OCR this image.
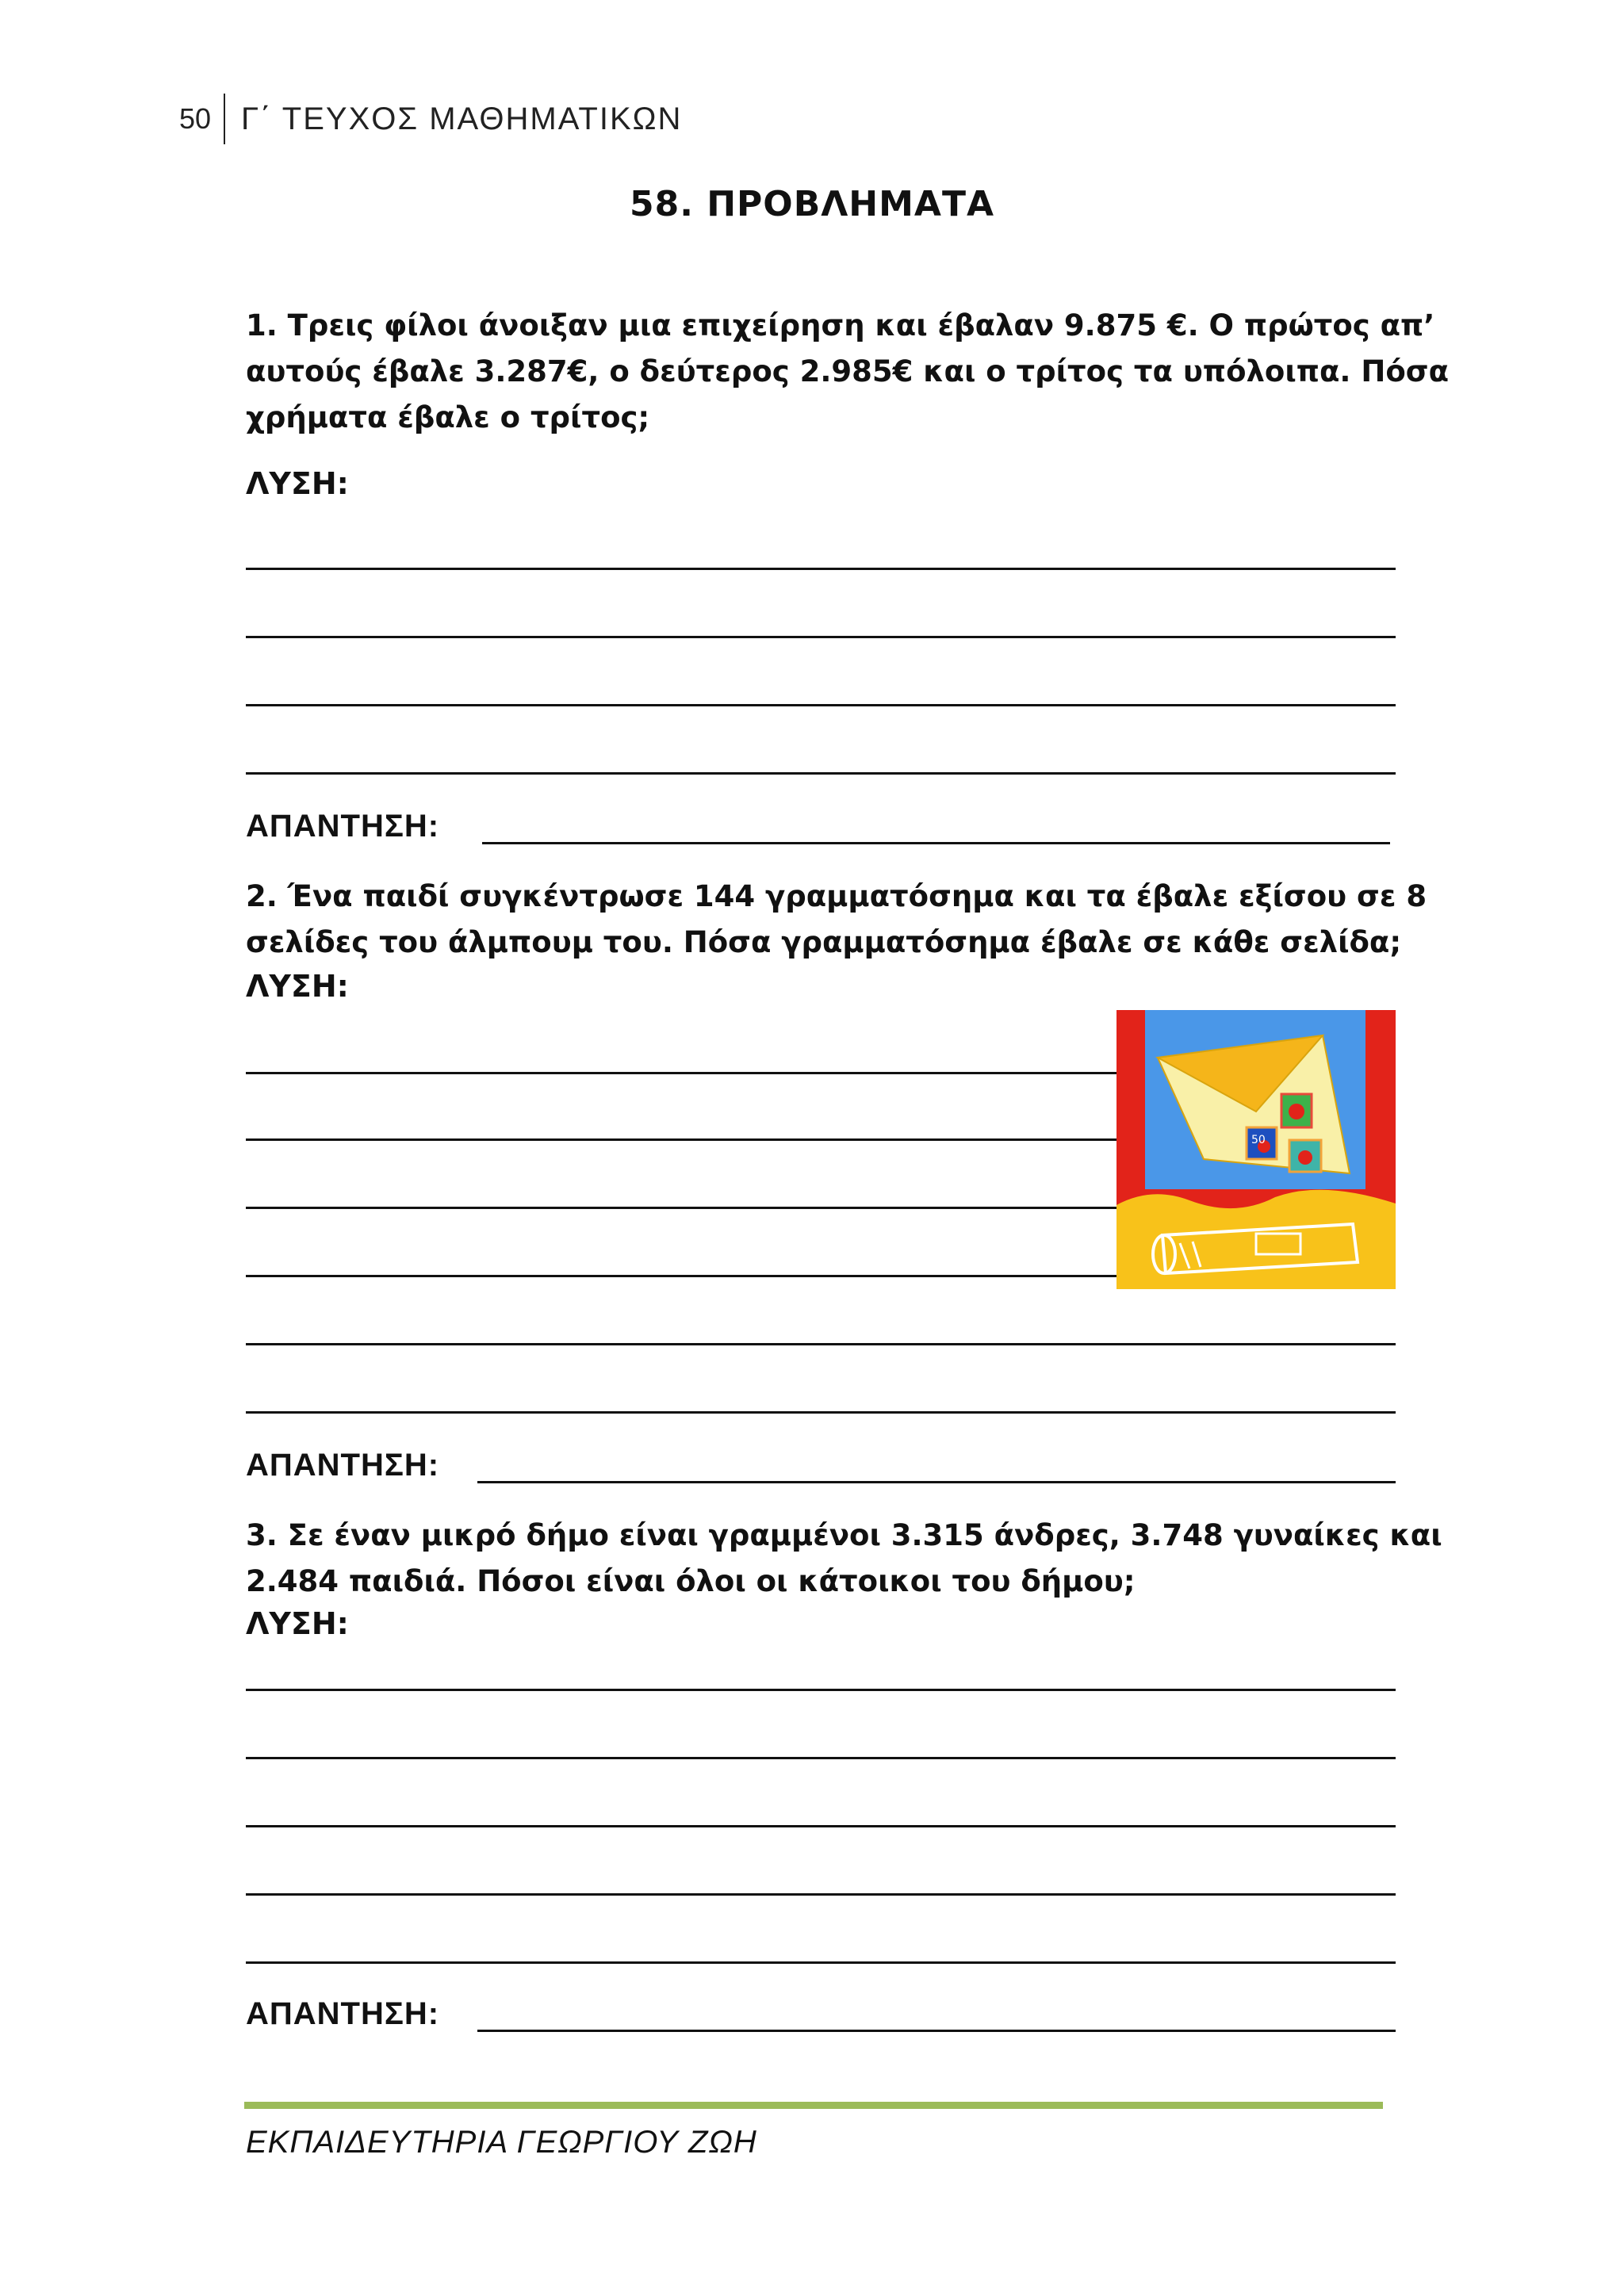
50 Γ΄ ΤΕΥΧΟΣ ΜΑΘΗΜΑΤΙΚΩΝ
58. ΠΡΟΒΛΗΜΑΤΑ

1. Τρεις φίλοι άνοιξαν μια επιχείρηση και έβαλαν 9.875 €. Ο πρώτος απ’
αυτούς έβαλε 3.287€, ο δεύτερος 2.985€ και ο τρίτος τα υπόλοιπα. Πόσα
χρήματα έβαλε ο τρίτος;

ΛΥΣΗ:
ΑΠΑΝΤΗΣΗ:

2. Ένα παιδί συγκέντρωσε 144 γραμματόσημα και τα έβαλε εξίσου σε 8
σελίδες του άλμπουμ του. Πόσα γραμματόσημα έβαλε σε κάθε σελίδα;

ΛΥΣΗ:
ΑΠΑΝΤΗΣΗ:
50

3. Σε έναν μικρό δήμο είναι γραμμένοι 3.315 άνδρες, 3.748 γυναίκες και
2.484 παιδιά. Πόσοι είναι όλοι οι κάτοικοι του δήμου;

ΛΥΣΗ:
ΑΠΑΝΤΗΣΗ:
ΕΚΠΑΙΔΕΥΤΗΡΙΑ ΓΕΩΡΓΙΟΥ ΖΩΗ
